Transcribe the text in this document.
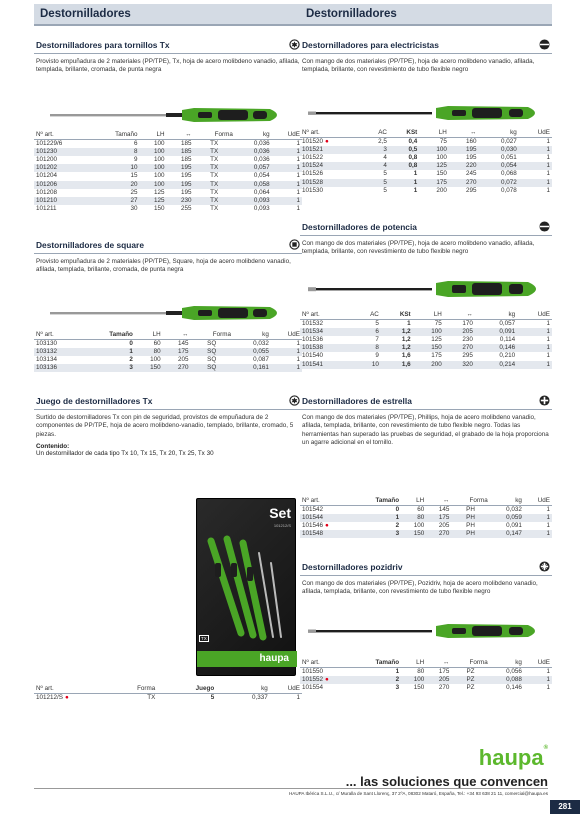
Destornilladores
Destornilladores para tornillos Tx
Provisto empuñadura de 2 materiales (PP/TPE), Tx, hoja de acero molibdeno vanadio, afilada, templada, brillante, cromada, de punta negra
Nº art.	Tamaño	LH	↔	Forma	kg	UdE
101229/6	6	100	185	TX	0,036	1
101230	8	100	185	TX	0,036	1
101200	9	100	185	TX	0,036	1
101202	10	100	195	TX	0,057	1
101204	15	100	195	TX	0,054	1
101206	20	100	195	TX	0,058	1
101208	25	125	195	TX	0,064	1
101210	27	125	230	TX	0,093	1
101211	30	150	255	TX	0,093	1
Destornilladores de square
Provisto empuñadura de 2 materiales (PP/TPE), Square, hoja de acero molibdeno vanadio, afilada, templada, brillante, cromada, de punta negra
Nº art.	Tamaño	LH	↔	Forma	kg	UdE
103130	0	60	145	SQ	0,032	1
103132	1	80	175	SQ	0,055	1
103134	2	100	205	SQ	0,087	1
103136	3	150	270	SQ	0,161	1
Juego de destornilladores Tx
Surtido de destornilladores Tx con pin de seguridad, provistos de empuñadura de 2 componentes de PP/TPE, hoja de acero molibdeno-vanadio, templado, brillante, cromado, 5 piezas.
Contenido:
Un destornillador de cada tipo Tx 10, Tx 15, Tx 20, Tx 25, Tx 30
Set
101212/S
TX
haupa
Nº art.	Forma	Juego	kg	UdE
101212/S ●	TX	5	0,337	1
Destornilladores
Destornilladores para electricistas
Con mango de dos materiales (PP/TPE), hoja de acero molibdeno vanadio, afilada, templada, brillante, con revestimiento de tubo flexible negro
Nº art.	AC	KSt	LH	↔	kg	UdE
101520 ●	2,5	0,4	75	160	0,027	1
101521	3	0,5	100	195	0,030	1
101522	4	0,8	100	195	0,051	1
101524	4	0,8	125	220	0,054	1
101526	5	1	150	245	0,068	1
101528	5	1	175	270	0,072	1
101530	5	1	200	295	0,078	1
Destornilladores de potencia
Con mango de dos materiales (PP/TPE), hoja de acero molibdeno vanadio, afilada, templada, brillante, con revestimiento de tubo flexible negro
Nº art.	AC	KSt	LH	↔	kg	UdE
101532	5	1	75	170	0,057	1
101534	6	1,2	100	205	0,091	1
101536	7	1,2	125	230	0,114	1
101538	8	1,2	150	270	0,146	1
101540	9	1,6	175	295	0,210	1
101541	10	1,6	200	320	0,214	1
Destornilladores de estrella
Con mango de dos materiales (PP/TPE), Phillips, hoja de acero molibdeno vanadio, afilada, templada, brillante, con revestimiento de tubo flexible negro. Todas las herramientas han superado las pruebas de seguridad, el grabado de la hoja proporciona un agarre adicional en el tornillo.
Nº art.	Tamaño	LH	↔	Forma	kg	UdE
101542	0	60	145	PH	0,032	1
101544	1	80	175	PH	0,059	1
101546 ●	2	100	205	PH	0,091	1
101548	3	150	270	PH	0,147	1
Destornilladores pozidriv
Con mango de dos materiales (PP/TPE), Pozidriv, hoja de acero molibdeno vanadio, afilada, templada, brillante, con revestimiento de tubo flexible negro
Nº art.	Tamaño	LH	↔	Forma	kg	UdE
101550	1	80	175	PZ	0,056	1
101552 ●	2	100	205	PZ	0,088	1
101554	3	150	270	PZ	0,146	1
haupa®
... las soluciones que convencen
HAUPA Ibérica S.L.U., c/ Muralla de Sant Llorenç, 37 2ºA, 08302 Mataró, España, Tel.: +34 93 638 21 11, comercial@haupa.es
281
